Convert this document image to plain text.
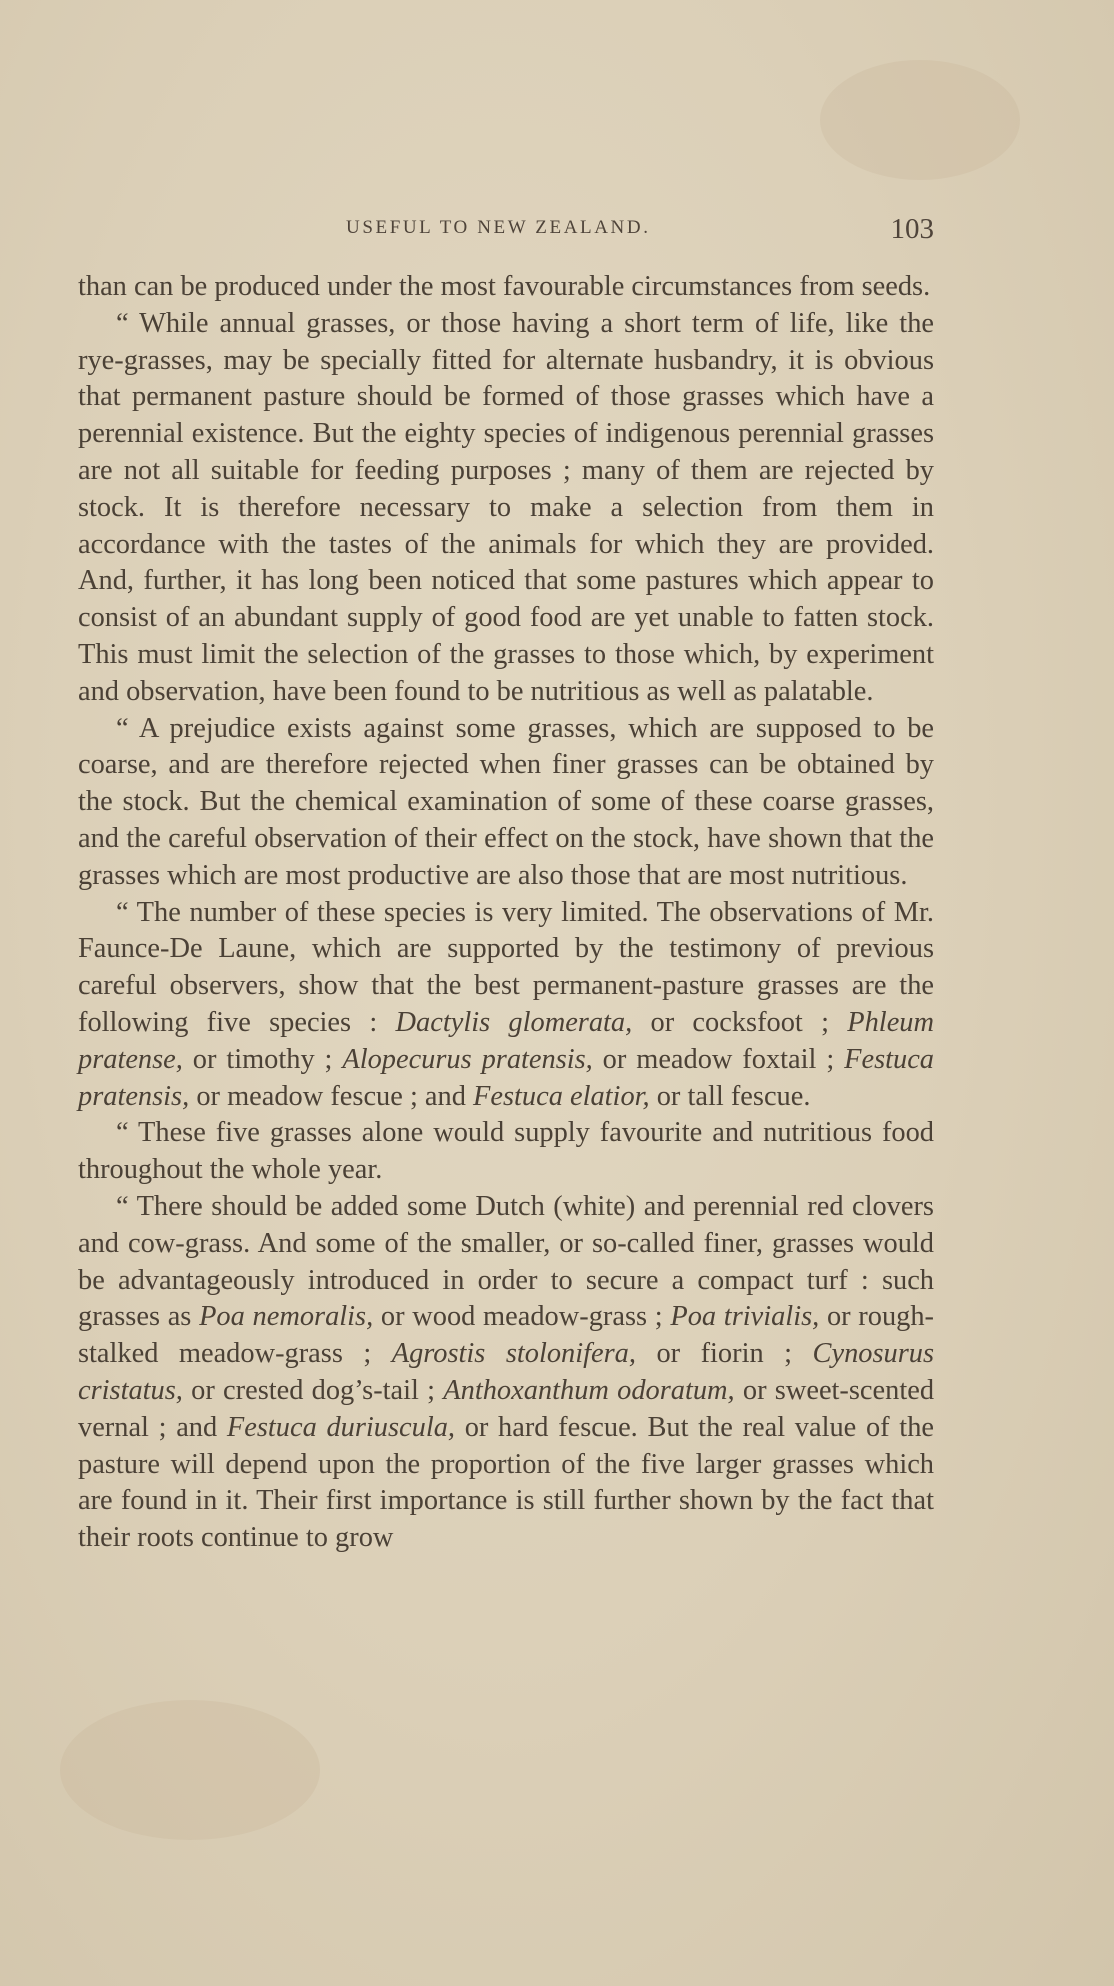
USEFUL TO NEW ZEALAND.	103

than can be produced under the most favourable circumstances from seeds.

“ While annual grasses, or those having a short term of life, like the rye-grasses, may be specially fitted for alternate husbandry, it is obvious that permanent pasture should be formed of those grasses which have a perennial existence. But the eighty species of indigenous perennial grasses are not all suitable for feeding purposes ; many of them are rejected by stock. It is therefore necessary to make a selection from them in accordance with the tastes of the animals for which they are provided. And, further, it has long been noticed that some pastures which appear to consist of an abundant supply of good food are yet unable to fatten stock. This must limit the selection of the grasses to those which, by experiment and observation, have been found to be nutritious as well as palatable.

“ A prejudice exists against some grasses, which are supposed to be coarse, and are therefore rejected when finer grasses can be obtained by the stock. But the chemical examination of some of these coarse grasses, and the careful observation of their effect on the stock, have shown that the grasses which are most productive are also those that are most nutritious.

“ The number of these species is very limited. The observations of Mr. Faunce-De Laune, which are supported by the testimony of previous careful observers, show that the best permanent-pasture grasses are the following five species : Dactylis glomerata, or cocksfoot ; Phleum pratense, or timothy ; Alopecurus pratensis, or meadow foxtail ; Festuca pratensis, or meadow fescue ; and Festuca elatior, or tall fescue.

“ These five grasses alone would supply favourite and nutritious food throughout the whole year.

“ There should be added some Dutch (white) and perennial red clovers and cow-grass. And some of the smaller, or so-called finer, grasses would be advantageously introduced in order to secure a compact turf : such grasses as Poa nemoralis, or wood meadow-grass ; Poa trivialis, or rough-stalked meadow-grass ; Agrostis stolonifera, or fiorin ; Cynosurus cristatus, or crested dog’s-tail ; Anthoxanthum odoratum, or sweet-scented vernal ; and Festuca duriuscula, or hard fescue. But the real value of the pasture will depend upon the proportion of the five larger grasses which are found in it. Their first importance is still further shown by the fact that their roots continue to grow
